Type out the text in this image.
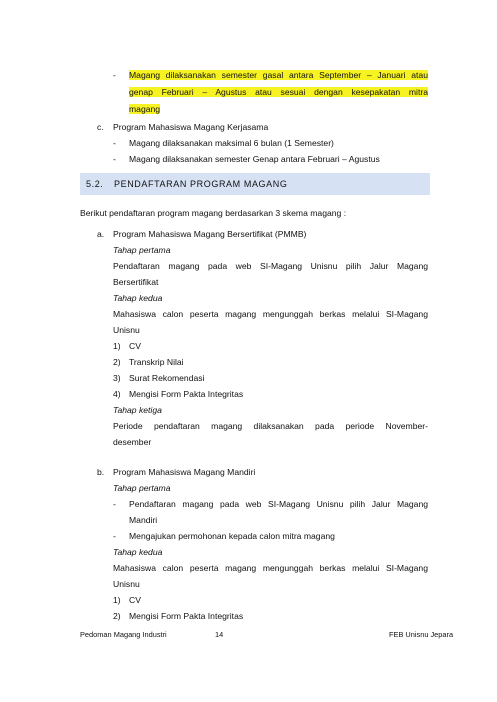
- Magang dilaksanakan semester gasal antara September – Januari atau
genap Februari – Agustus atau sesuai dengan kesepakatan mitra
magang
c. Program Mahasiswa Magang Kerjasama
- Magang dilaksanakan maksimal 6 bulan (1 Semester)
- Magang dilaksanakan semester Genap antara Februari – Agustus
5.2. PENDAFTARAN PROGRAM MAGANG
Berikut pendaftaran program magang berdasarkan 3 skema magang :
a. Program Mahasiswa Magang Bersertifikat (PMMB)
Tahap pertama
Pendaftaran magang pada web SI-Magang Unisnu pilih Jalur Magang
Bersertifikat
Tahap kedua
Mahasiswa calon peserta magang mengunggah berkas melalui SI-Magang
Unisnu
1) CV
2) Transkrip Nilai
3) Surat Rekomendasi
4) Mengisi Form Pakta Integritas
Tahap ketiga
Periode pendaftaran magang dilaksanakan pada periode November-
desember
b. Program Mahasiswa Magang Mandiri
Tahap pertama
- Pendaftaran magang pada web SI-Magang Unisnu pilih Jalur Magang
Mandiri
- Mengajukan permohonan kepada calon mitra magang
Tahap kedua
Mahasiswa calon peserta magang mengunggah berkas melalui SI-Magang
Unisnu
1) CV
2) Mengisi Form Pakta Integritas
Pedoman Magang Industri	14	FEB Unisnu Jepara
